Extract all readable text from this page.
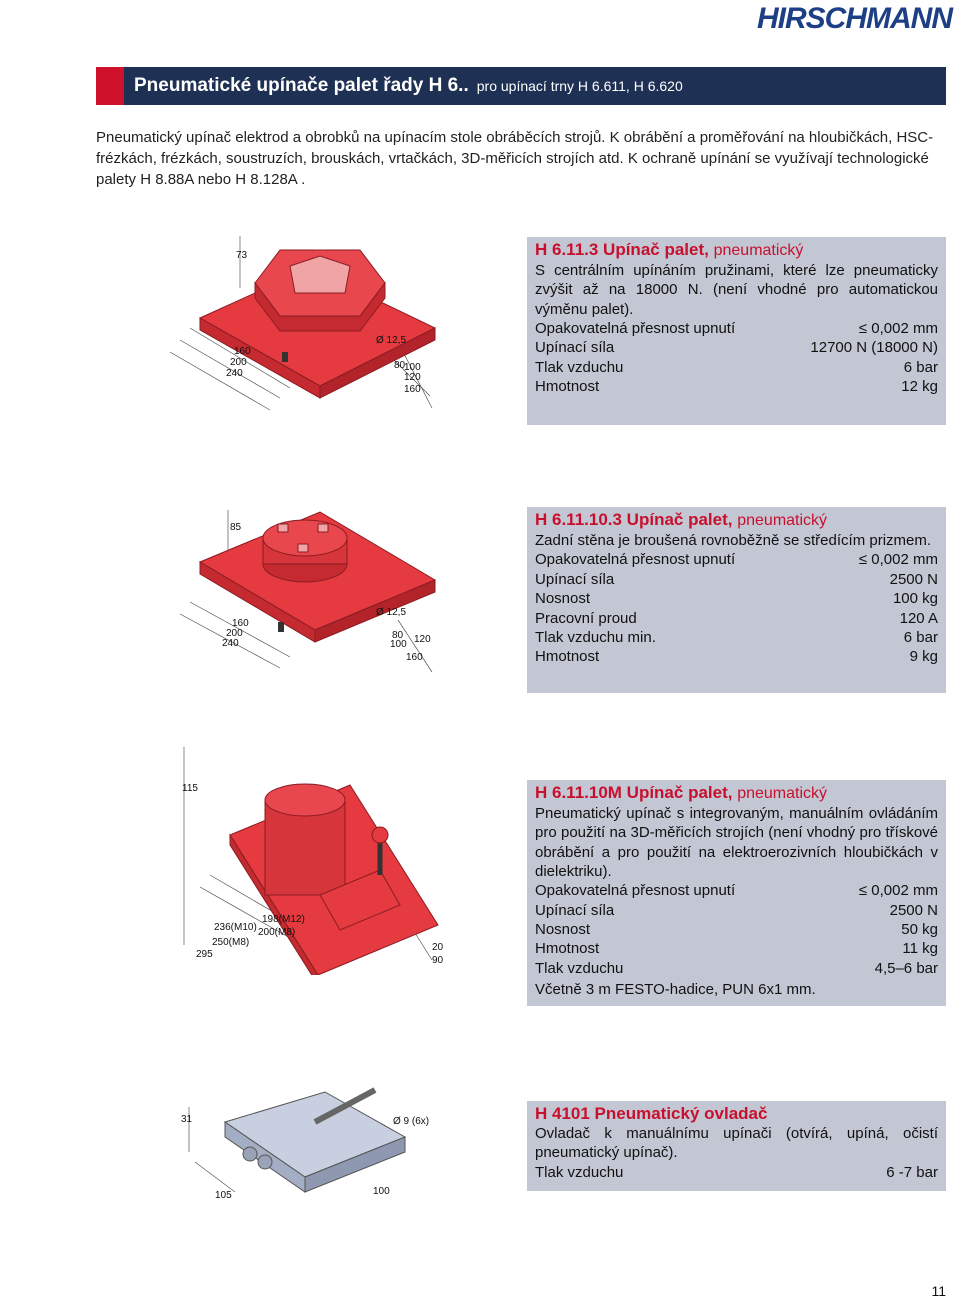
HIRSCHMANN
Pneumatické upínače palet řady H 6.. pro upínací trny H 6.611, H 6.620
Pneumatický upínač elektrod a obrobků na upínacím stole obráběcích strojů. K obrábění a proměřování na hloubičkách, HSC-frézkách, frézkách, soustruzích, brouskách, vrtačkách, 3D-měřicích strojích atd. K ochraně upínání se využívají technologické palety H 8.88A nebo H 8.128A .
H 6.11.3 Upínač palet, pneumatický
S centrálním upínáním pružinami, které lze pneumaticky zvýšit až na 18000 N. (není vhodné pro automatickou výměnu palet).
Opakovatelná přesnost upnutí	≤ 0,002 mm
Upínací síla	12700 N (18000 N)
Tlak vzduchu	6 bar
Hmotnost	12 kg
H 6.11.10.3 Upínač palet, pneumatický
Zadní stěna je broušená rovnoběžně se středícím prizmem.
Opakovatelná přesnost upnutí	≤ 0,002 mm
Upínací síla	2500 N
Nosnost	100 kg
Pracovní proud	120 A
Tlak vzduchu min.	6 bar
Hmotnost	9 kg
H 6.11.10M Upínač palet, pneumatický
Pneumatický upínač s integrovaným, manuálním ovládáním pro použití na 3D-měřicích strojích (není vhodný pro třískové obrábění a pro použití na elektroerozivních hloubičkách v dielektriku).
Opakovatelná přesnost upnutí	≤ 0,002 mm
Upínací síla	2500 N
Nosnost	50 kg
Hmotnost	11 kg
Tlak vzduchu	4,5–6 bar
Včetně 3 m FESTO-hadice, PUN 6x1 mm.
H 4101 Pneumatický ovladač
Ovladač k manuálnímu upínači (otvírá, upíná, očistí pneumatický upínač).
Tlak vzduchu	6 -7 bar
73
160
200
240
Ø 12,5
80
100
120
160
85
160
200
240
Ø 12,5
80
100 120
160
115
198(M12)
236(M10) 200(M8)
250(M8)
295
20
90
31	Ø 9 (6x)
105	100
11
